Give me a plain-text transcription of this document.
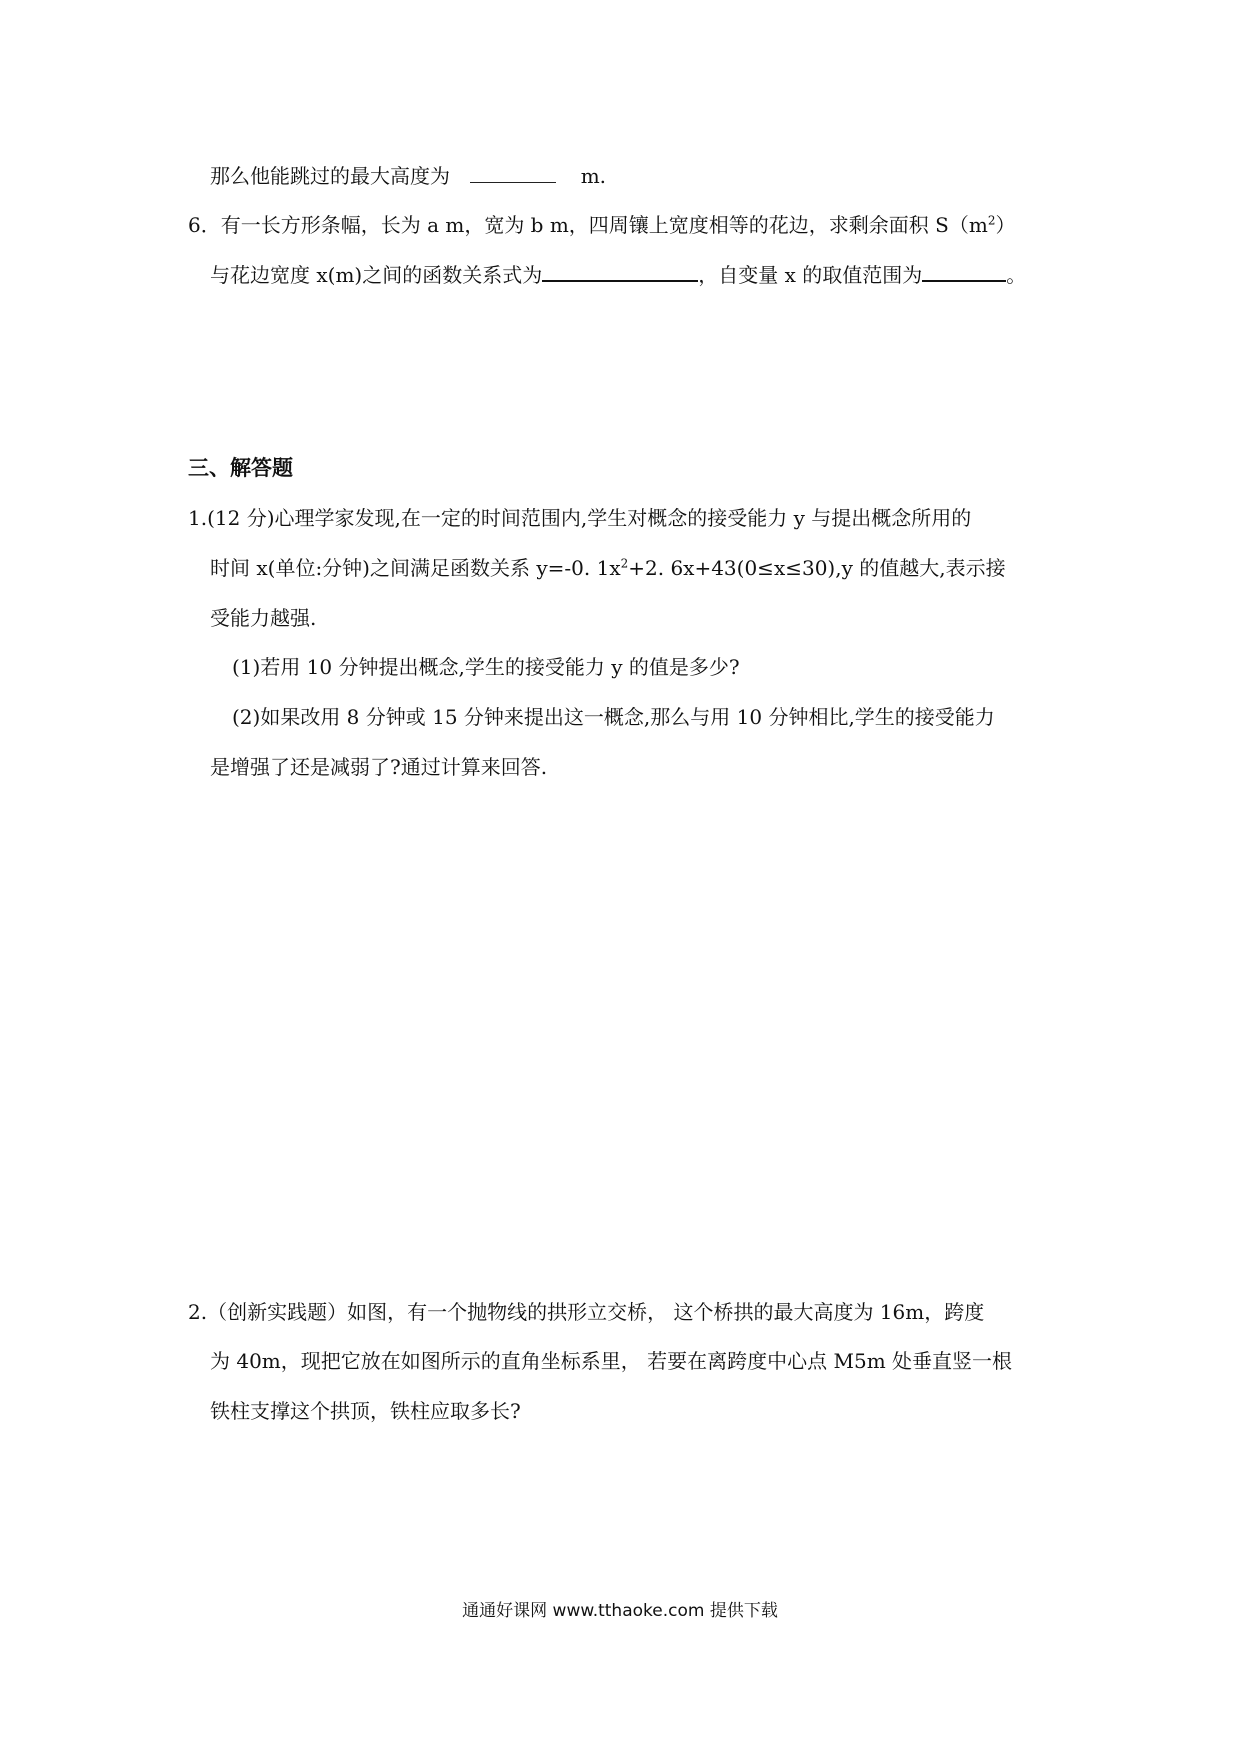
那么他能跳过的最大高度为	m.
6．有一长方形条幅，长为 a m，宽为 b m，四周镶上宽度相等的花边，求剩余面积 $S(m^2)$
与花边宽度 x(m)之间的函数关系式为	，自变量 x 的取值范围为	。
三、解答题
1.(12 分)心理学家发现,在一定的时间范围内,学生对概念的接受能力 y 与提出概念所用的
时间 x(单位:分钟)之间满足函数关系 y=-0. $1x^2+2$. 6x+43(0≤x≤30),y 的值越大,表示接
受能力越强.
(1)若用 10 分钟提出概念,学生的接受能力 y 的值是多少?
(2)如果改用 8 分钟或 15 分钟来提出这一概念,那么与用 10 分钟相比,学生的接受能力
是增强了还是减弱了?通过计算来回答.
2.（创新实践题）如图，有一个抛物线的拱形立交桥， 这个桥拱的最大高度为 16m，跨度
为 40m，现把它放在如图所示的直角坐标系里， 若要在离跨度中心点 M5m 处垂直竖一根
铁柱支撑这个拱顶，铁柱应取多长?
通通好课网 www.tthaoke.com 提供下载
